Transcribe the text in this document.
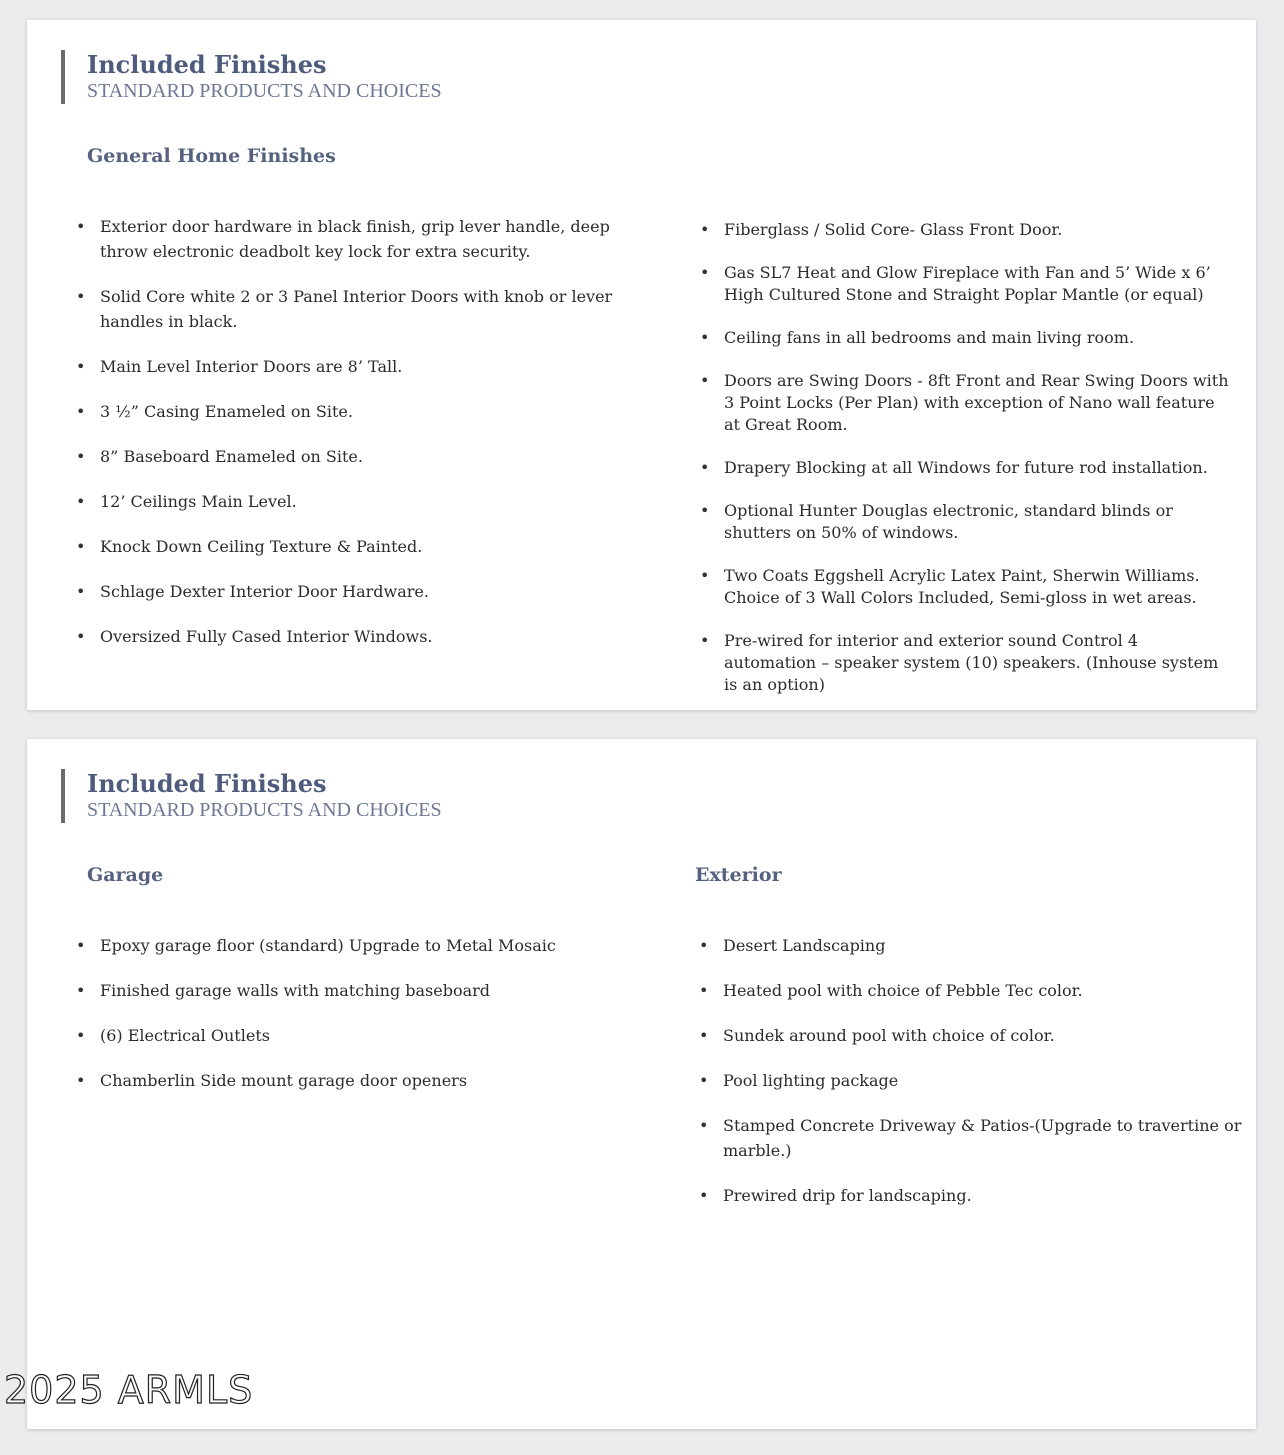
Included Finishes
STANDARD PRODUCTS AND CHOICES
General Home Finishes
• Exterior door hardware in black finish, grip lever handle, deep throw electronic deadbolt key lock for extra security.
• Solid Core white 2 or 3 Panel Interior Doors with knob or lever handles in black.
• Main Level Interior Doors are 8’ Tall.
• 3 ½” Casing Enameled on Site.
• 8” Baseboard Enameled on Site.
• 12’ Ceilings Main Level.
• Knock Down Ceiling Texture & Painted.
• Schlage Dexter Interior Door Hardware.
• Oversized Fully Cased Interior Windows.
• Fiberglass / Solid Core- Glass Front Door.
• Gas SL7 Heat and Glow Fireplace with Fan and 5’ Wide x 6’ High Cultured Stone and Straight Poplar Mantle (or equal)
• Ceiling fans in all bedrooms and main living room.
• Doors are Swing Doors - 8ft Front and Rear Swing Doors with 3 Point Locks (Per Plan) with exception of Nano wall feature at Great Room.
• Drapery Blocking at all Windows for future rod installation.
• Optional Hunter Douglas electronic, standard blinds or shutters on 50% of windows.
• Two Coats Eggshell Acrylic Latex Paint, Sherwin Williams. Choice of 3 Wall Colors Included, Semi-gloss in wet areas.
• Pre-wired for interior and exterior sound Control 4 automation – speaker system (10) speakers. (Inhouse system is an option)
Included Finishes
STANDARD PRODUCTS AND CHOICES
Garage	Exterior
• Epoxy garage floor (standard) Upgrade to Metal Mosaic
• Finished garage walls with matching baseboard
• (6) Electrical Outlets
• Chamberlin Side mount garage door openers
• Desert Landscaping
• Heated pool with choice of Pebble Tec color.
• Sundek around pool with choice of color.
• Pool lighting package
• Stamped Concrete Driveway & Patios-(Upgrade to travertine or marble.)
• Prewired drip for landscaping.
2025 ARMLS
